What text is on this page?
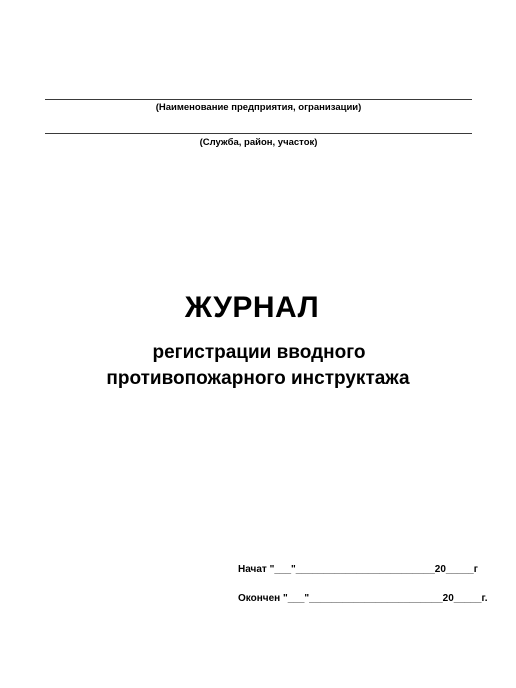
(Наименование предприятия, огранизации)
(Служба, район, участок)
ЖУРНАЛ
регистрации вводного
противопожарного инструктажа
Начат "___"_________________________20_____г
Окончен "___"________________________20_____г.
